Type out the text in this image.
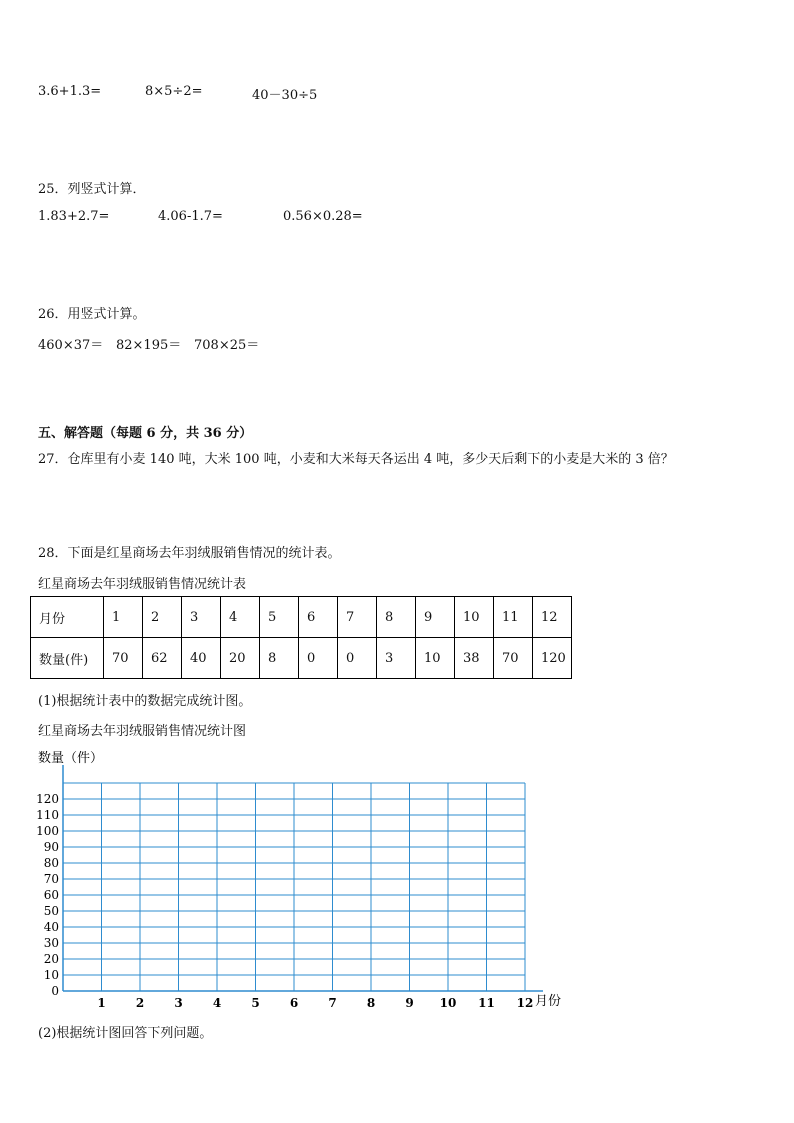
3.6+1.3=	8×5÷2=	40－30÷5
25．列竖式计算．
1.83+2.7=	4.06-1.7=	0.56×0.28=
26．用竖式计算。
460×37＝ 82×195＝ 708×25＝
五、解答题（每题 6 分，共 36 分）
27．仓库里有小麦 140 吨，大米 100 吨，小麦和大米每天各运出 4 吨，多少天后剩下的小麦是大米的 3 倍？
28．下面是红星商场去年羽绒服销售情况的统计表。
红星商场去年羽绒服销售情况统计表
月份	1	2	3	4	5	6	7	8	9	10	11	12
数量(件)	70	62	40	20	8	0	0	3	10	38	70	120
(1)根据统计表中的数据完成统计图。
红星商场去年羽绒服销售情况统计图
数量（件）
0
10
20
30
40
50
60
70
80
90
100
110
120
1	2	3	4	5	6	7	8	9 10 11 12 月份
(2)根据统计图回答下列问题。
